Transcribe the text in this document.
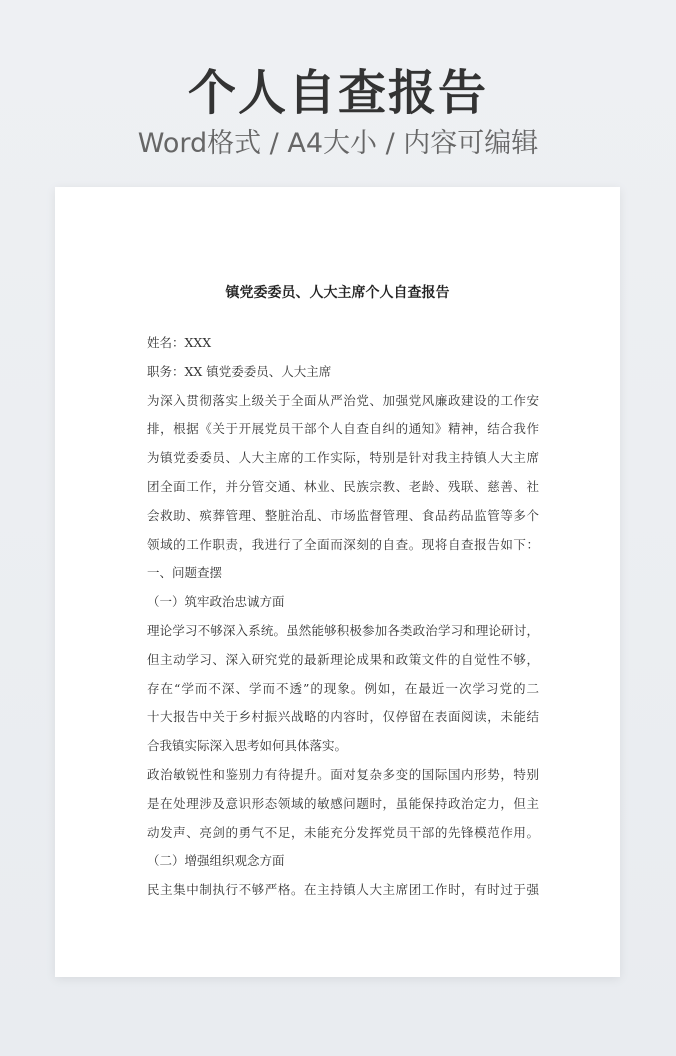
个人自查报告
Word格式 / A4大小 / 内容可编辑
镇党委委员、人大主席个人自查报告
姓名：XXX
职务：XX 镇党委委员、人大主席
为深入贯彻落实上级关于全面从严治党、加强党风廉政建设的工作安
排，根据《关于开展党员干部个人自查自纠的通知》精神，结合我作
为镇党委委员、人大主席的工作实际，特别是针对我主持镇人大主席
团全面工作，并分管交通、林业、民族宗教、老龄、残联、慈善、社
会救助、殡葬管理、整脏治乱、市场监督管理、食品药品监管等多个
领域的工作职责，我进行了全面而深刻的自查。现将自查报告如下：
一、问题查摆
（一）筑牢政治忠诚方面
理论学习不够深入系统。虽然能够积极参加各类政治学习和理论研讨，
但主动学习、深入研究党的最新理论成果和政策文件的自觉性不够，
存在“学而不深、学而不透”的现象。例如，在最近一次学习党的二
十大报告中关于乡村振兴战略的内容时，仅停留在表面阅读，未能结
合我镇实际深入思考如何具体落实。
政治敏锐性和鉴别力有待提升。面对复杂多变的国际国内形势，特别
是在处理涉及意识形态领域的敏感问题时，虽能保持政治定力，但主
动发声、亮剑的勇气不足，未能充分发挥党员干部的先锋模范作用。
（二）增强组织观念方面
民主集中制执行不够严格。在主持镇人大主席团工作时，有时过于强
